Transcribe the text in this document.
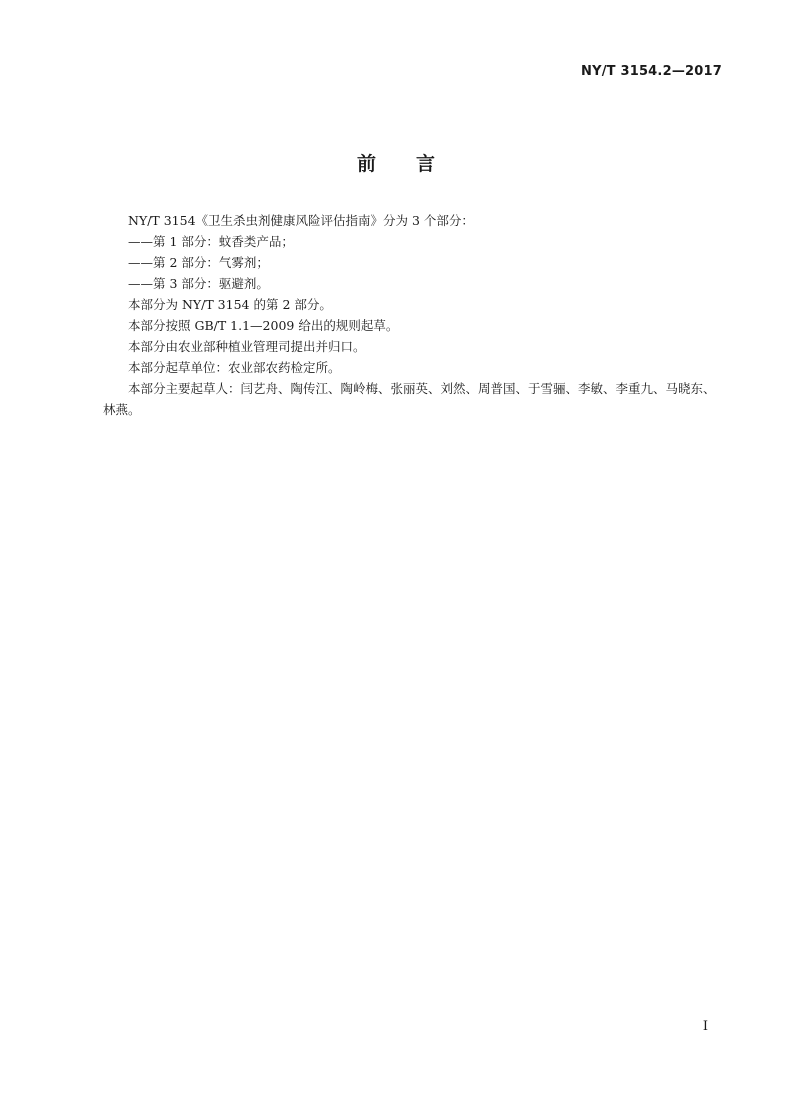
NY/T 3154.2—2017
前 言

NY/T 3154《卫生杀虫剂健康风险评估指南》分为 3 个部分：

——第 1 部分：蚊香类产品；

——第 2 部分：气雾剂；

——第 3 部分：驱避剂。

本部分为 NY/T 3154 的第 2 部分。

本部分按照 GB/T 1.1—2009 给出的规则起草。

本部分由农业部种植业管理司提出并归口。

本部分起草单位：农业部农药检定所。

本部分主要起草人：闫艺舟、陶传江、陶岭梅、张丽英、刘然、周普国、于雪骊、李敏、李重九、马晓东、林燕。

I
